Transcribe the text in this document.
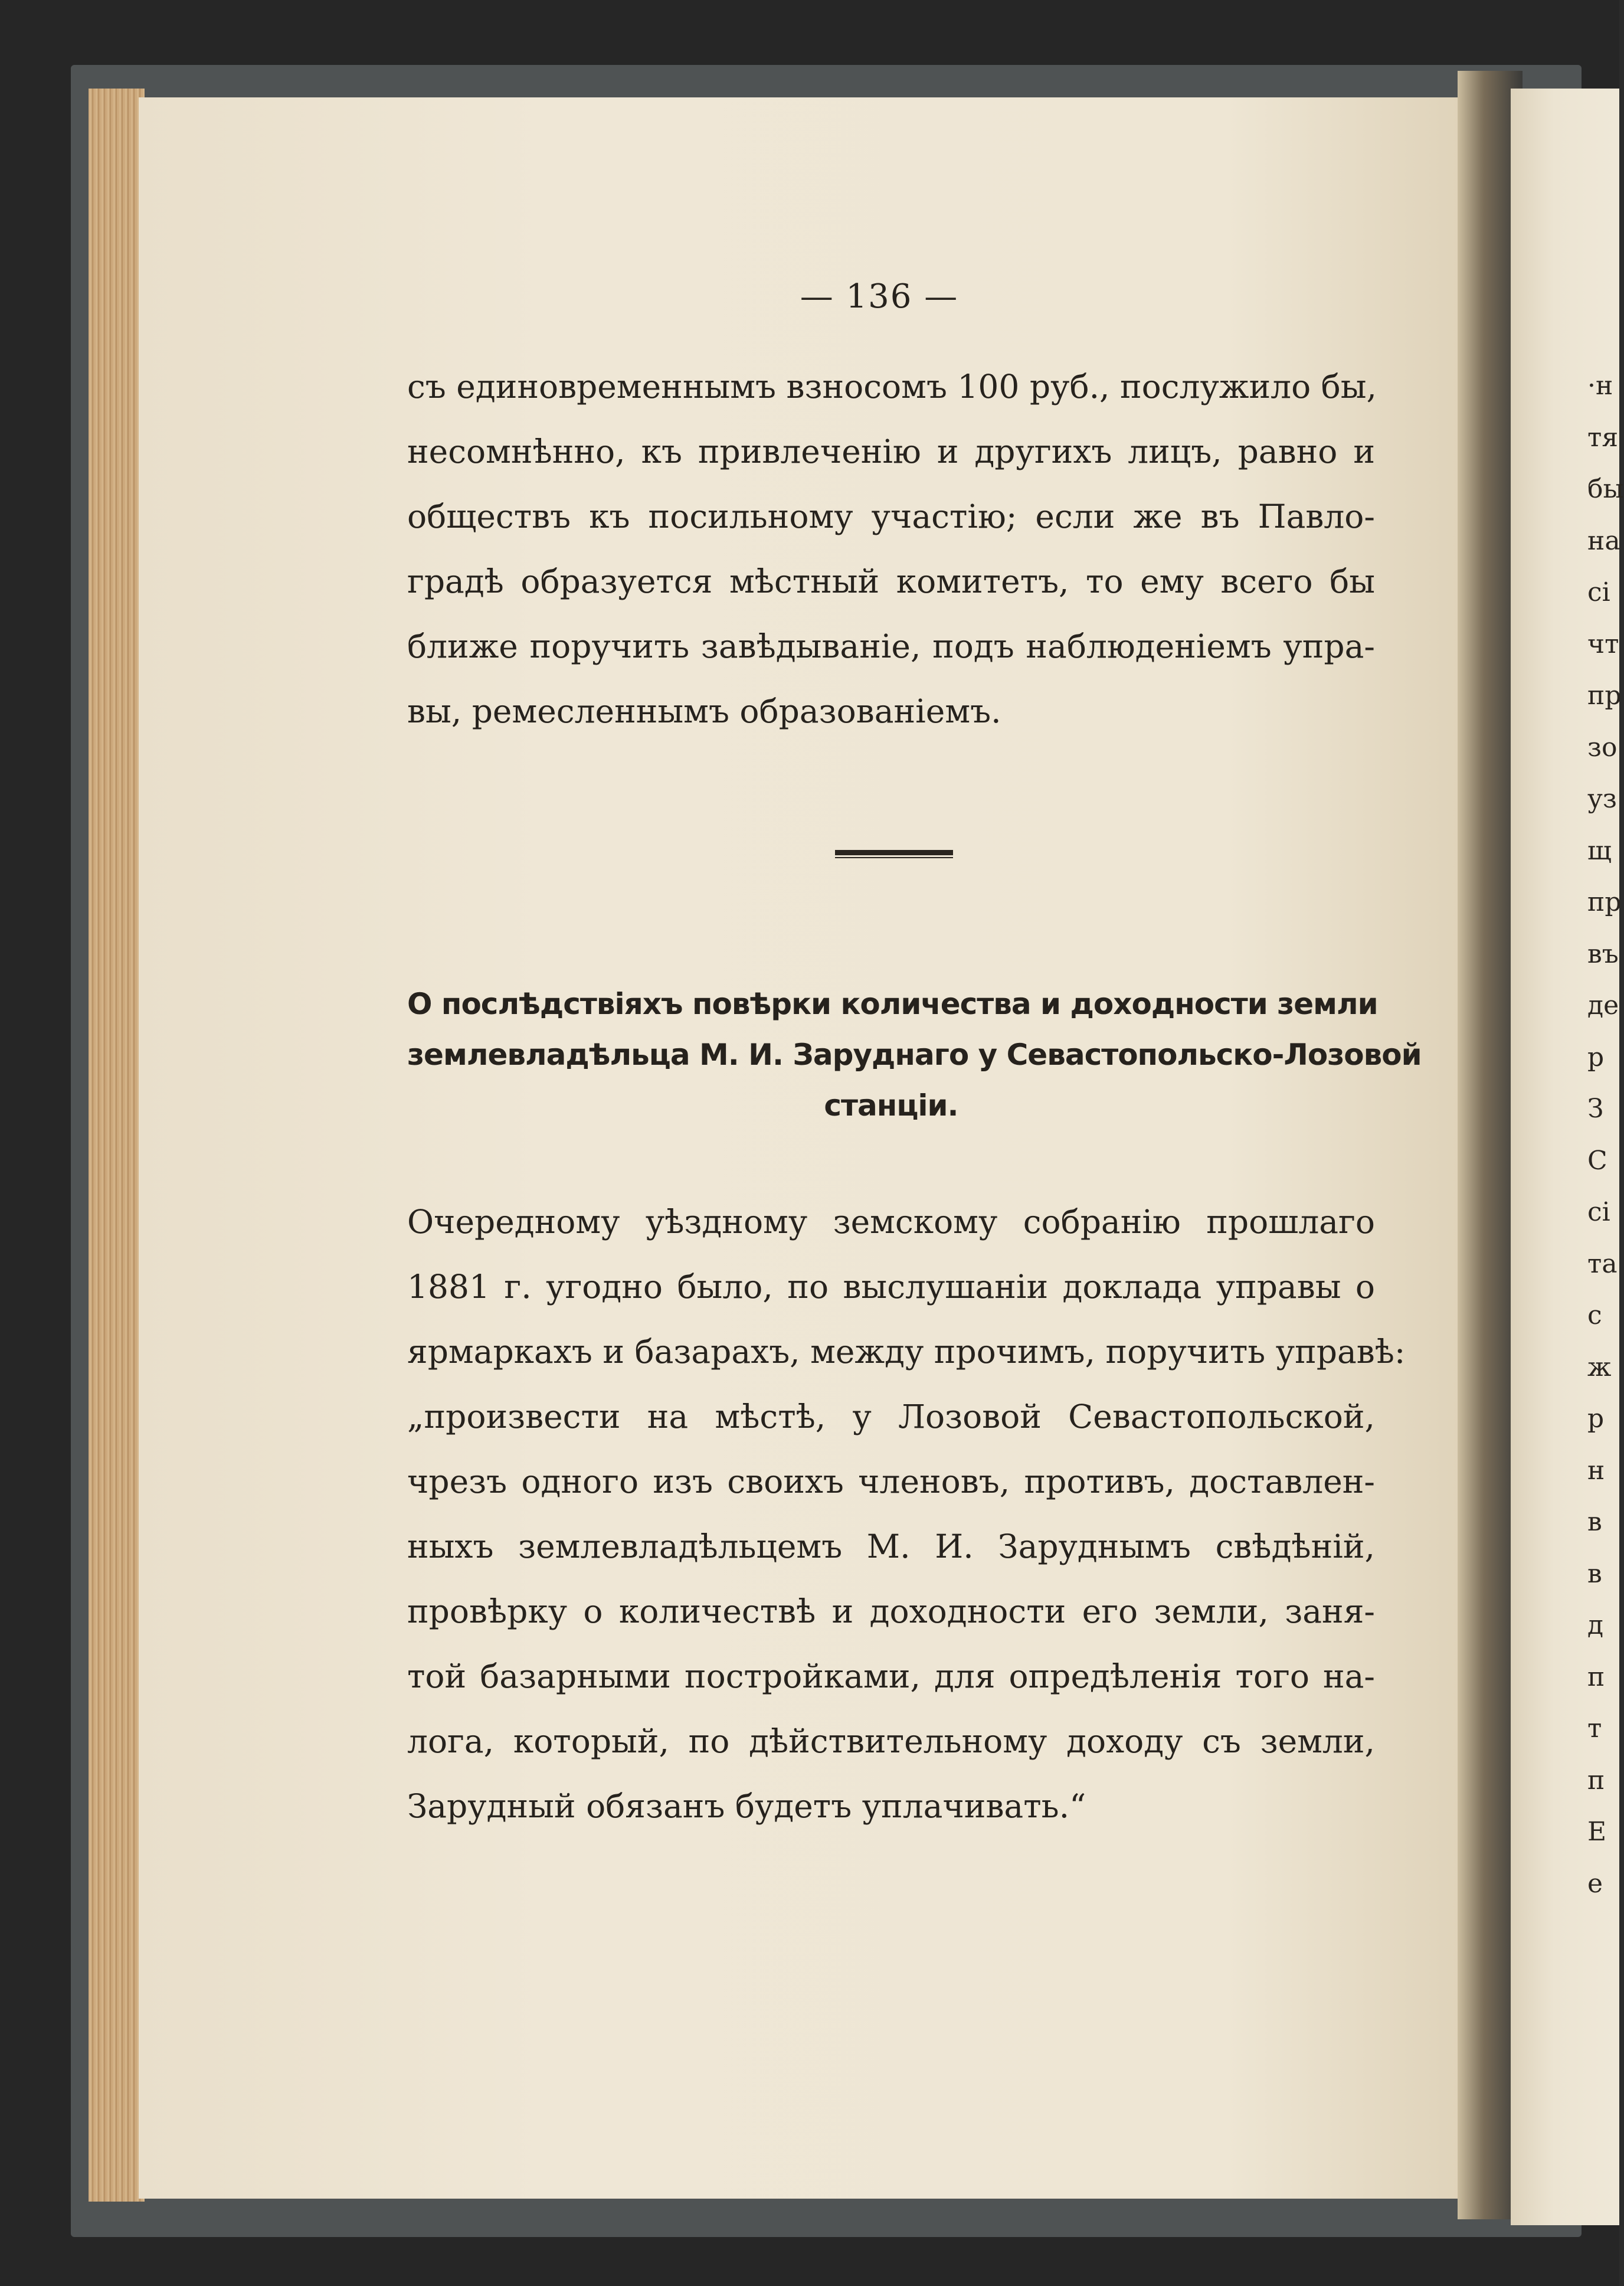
·н
тя
бы
на
сі
чт
пр
зо
уз
щ
пр
въ
де
р
З
С
сі
та
с
ж
р
н
в
в
д
п
т
п
Е
е
— 136 —
съ единовременнымъ взносомъ 100 руб., послужило бы,
несомнѣнно, къ привлеченію и другихъ лицъ, равно и
обществъ къ посильному участію; если же въ Павло-
градѣ образуется мѣстный комитетъ, то ему всего бы
ближе поручить завѣдываніе, подъ наблюденіемъ упра-
вы, ремесленнымъ образованіемъ.
О послѣдствіяхъ повѣрки количества и доходности земли
землевладѣльца М. И. Заруднаго у Севастопольско-Лозовой
станціи.
Очередному уѣздному земскому собранію прошлаго
1881 г. угодно было, по выслушаніи доклада управы о
ярмаркахъ и базарахъ, между прочимъ, поручить управѣ:
„произвести на мѣстѣ, у Лозовой Севастопольской,
чрезъ одного изъ своихъ членовъ, противъ, доставлен-
ныхъ землевладѣльцемъ М. И. Заруднымъ свѣдѣній,
провѣрку о количествѣ и доходности его земли, заня-
той базарными постройками, для опредѣленія того на-
лога, который, по дѣйствительному доходу съ земли,
Зарудный обязанъ будетъ уплачивать.“
